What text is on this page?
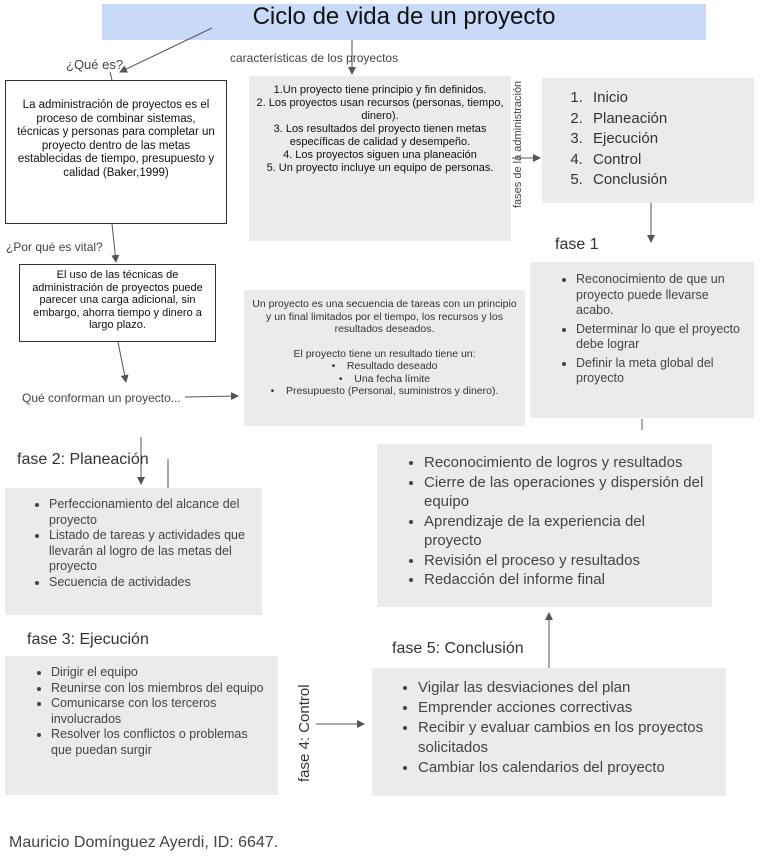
Ciclo de vida de un proyecto
¿Qué es?	características de los proyectos
¿Por qué es vital?
Qué conforman un proyecto...
fases de la administración
La administración de proyectos es el proceso de combinar sistemas, técnicas y personas para completar un proyecto dentro de las metas establecidas de tiempo, presupuesto y calidad (Baker,1999)
El uso de las técnicas de administración de proyectos puede parecer una carga adicional, sin embargo, ahorra tiempo y dinero a largo plazo.
1.Un proyecto tiene principio y fin definidos.
2. Los proyectos usan recursos (personas, tiempo, dinero).
3. Los resultados del proyecto tienen metas específicas de calidad y desempeño.
4. Los proyectos siguen una planeación
5. Un proyecto incluye un equipo de personas.
1. Inicio
2. Planeación
3. Ejecución
4. Control
5. Conclusión
fase 1
• Reconocimiento de que un proyecto puede llevarse acabo.
• Determinar lo que el proyecto debe lograr
• Definir la meta global del proyecto
Un proyecto es una secuencia de tareas con un principio y un final limitados por el tiempo, los recursos y los resultados deseados.
El proyecto tiene un resultado tiene un:
•    Resultado deseado
•    Una fecha límite
•    Presupuesto (Personal, suministros y dinero).
fase 2: Planeación
• Perfeccionamiento del alcance del proyecto
• Listado de tareas y actividades que llevarán al logro de las metas del proyecto
• Secuencia de actividades
fase 3: Ejecución
• Dirigir el equipo
• Reunirse con los miembros del equipo
• Comunicarse con los terceros involucrados
• Resolver los conflictos o problemas que puedan surgir	fase 4: Control
•	Vigilar las desviaciones del plan
• Emprender acciones correctivas
• Recibir y evaluar cambios en los proyectos solicitados
• Cambiar los calendarios del proyecto
fase 5: Conclusión
• Reconocimiento de logros y resultados
• Cierre de las operaciones y dispersión del equipo
• Aprendizaje de la experiencia del proyecto
• Revisión el proceso y resultados
• Redacción del informe final
Mauricio Domínguez Ayerdi, ID: 6647.
